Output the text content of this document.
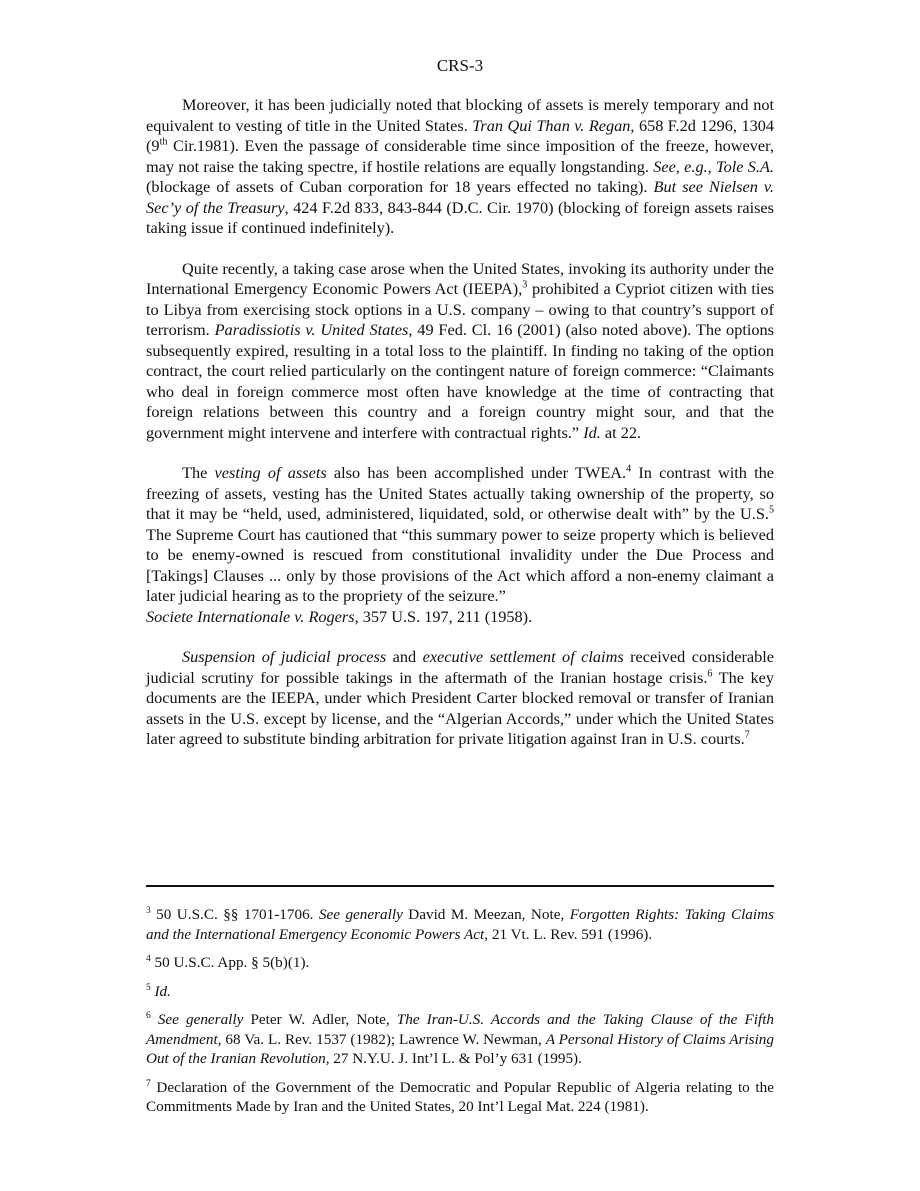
CRS-3

Moreover, it has been judicially noted that blocking of assets is merely temporary and not equivalent to vesting of title in the United States. Tran Qui Than v. Regan, 658 F.2d 1296, 1304 (9th Cir.1981). Even the passage of considerable time since imposition of the freeze, however, may not raise the taking spectre, if hostile relations are equally longstanding. See, e.g., Tole S.A. (blockage of assets of Cuban corporation for 18 years effected no taking). But see Nielsen v. Sec’y of the Treasury, 424 F.2d 833, 843-844 (D.C. Cir. 1970) (blocking of foreign assets raises taking issue if continued indefinitely).

Quite recently, a taking case arose when the United States, invoking its authority under the International Emergency Economic Powers Act (IEEPA),$^3$ prohibited a Cypriot citizen with ties to Libya from exercising stock options in a U.S. company – owing to that country’s support of terrorism. Paradissiotis v. United States, 49 Fed. Cl. 16 (2001) (also noted above). The options subsequently expired, resulting in a total loss to the plaintiff. In finding no taking of the option contract, the court relied particularly on the contingent nature of foreign commerce: “Claimants who deal in foreign commerce most often have knowledge at the time of contracting that foreign relations between this country and a foreign country might sour, and that the government might intervene and interfere with contractual rights.” Id. at 22.

The vesting of assets also has been accomplished under TWEA.$^4$ In contrast with the freezing of assets, vesting has the United States actually taking ownership of the property, so that it may be “held, used, administered, liquidated, sold, or otherwise dealt with” by the U.S.$^5$ The Supreme Court has cautioned that “this summary power to seize property which is believed to be enemy-owned is rescued from constitutional invalidity under the Due Process and [Takings] Clauses ... only by those provisions of the Act which afford a non-enemy claimant a later judicial hearing as to the propriety of the seizure.”
Societe Internationale v. Rogers, 357 U.S. 197, 211 (1958).

Suspension of judicial process and executive settlement of claims received considerable judicial scrutiny for possible takings in the aftermath of the Iranian hostage crisis.$^6$ The key documents are the IEEPA, under which President Carter blocked removal or transfer of Iranian assets in the U.S. except by license, and the “Algerian Accords,” under which the United States later agreed to substitute binding arbitration for private litigation against Iran in U.S. courts.$^7$

$^3$ 50 U.S.C. §§ 1701-1706. See generally David M. Meezan, Note, Forgotten Rights: Taking Claims and the International Emergency Economic Powers Act, 21 Vt. L. Rev. 591 (1996).

$^4$ 50 U.S.C. App. § 5(b)(1).

$^5$ Id.

$^6$ See generally Peter W. Adler, Note, The Iran-U.S. Accords and the Taking Clause of the Fifth Amendment, 68 Va. L. Rev. 1537 (1982); Lawrence W. Newman, A Personal History of Claims Arising Out of the Iranian Revolution, 27 N.Y.U. J. Int’l L. & Pol’y 631 (1995).

$^7$ Declaration of the Government of the Democratic and Popular Republic of Algeria relating to the Commitments Made by Iran and the United States, 20 Int’l Legal Mat. 224 (1981).
